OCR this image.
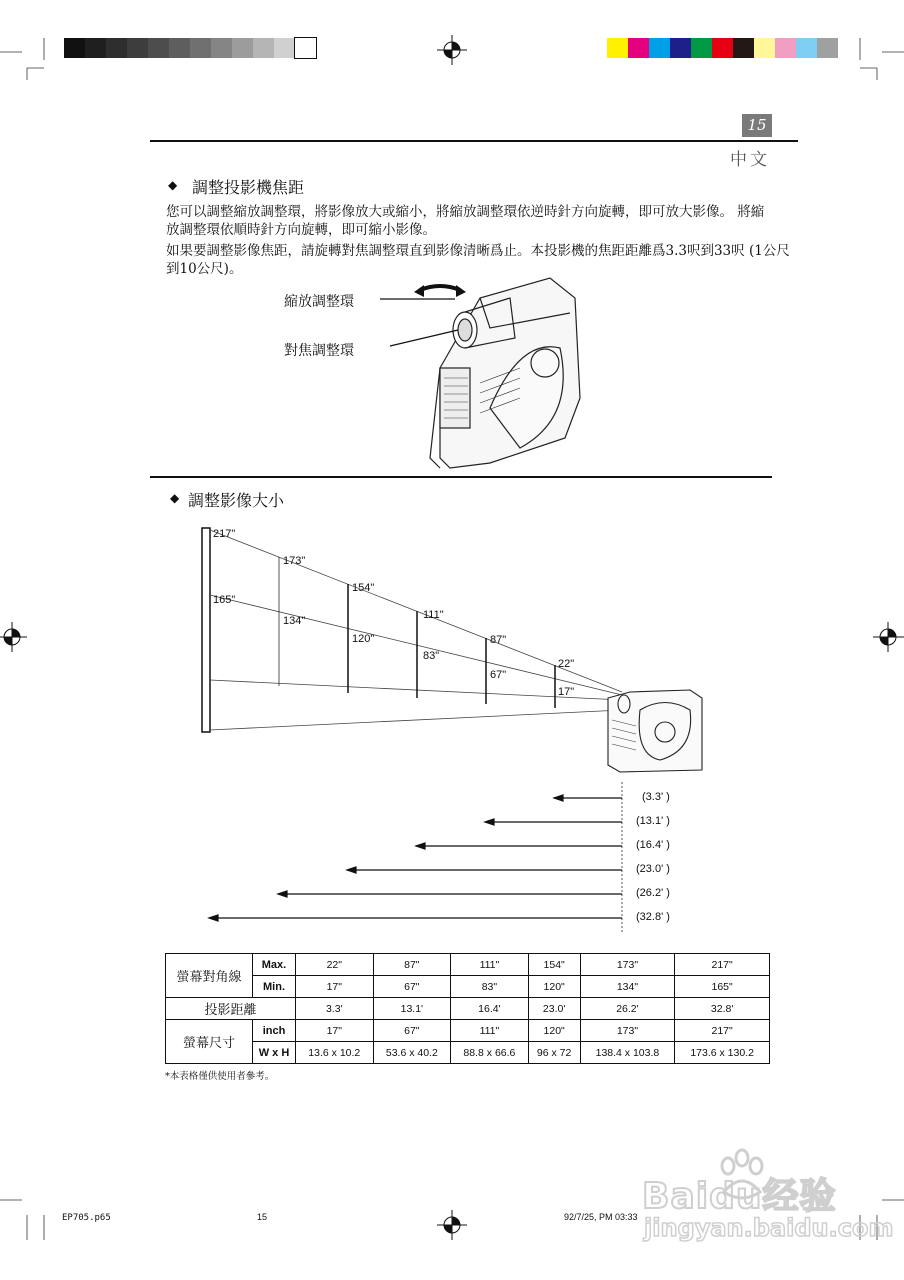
15
中文
◆ 調整投影機焦距
您可以調整縮放調整環，將影像放大或縮小，將縮放調整環依逆時針方向旋轉，即可放大影像。 將縮放調整環依順時針方向旋轉，即可縮小影像。
如果要調整影像焦距，請旋轉對焦調整環直到影像清晰爲止。本投影機的焦距距離爲3.3呎到33呎 (1公尺到10公尺)。
縮放調整環
對焦調整環
◆ 調整影像大小
217"
173"
154"
111"
87"
22"
165"
134"
120"
83"
67"
17"
(3.3' )
(13.1' )
(16.4' )
(23.0' )
(26.2' )
(32.8' )
螢幕對角線	Max.	22"	87"	111"	154"	173"	217"
	Min.	17"	67"	83"	120"	134"	165"
投影距離		3.3'	13.1'	16.4'	23.0'	26.2'	32.8'
螢幕尺寸	inch	17"	67"	111"	120"	173"	217"
	W x H	13.6 x 10.2	53.6 x 40.2	88.8 x 66.6	96 x 72	138.4 x 103.8	173.6 x 130.2
*本表格僅供使用者參考。
EP705.p65	15	92/7/25, PM 03:33 Baidu经验
jingyan.baidu.com
